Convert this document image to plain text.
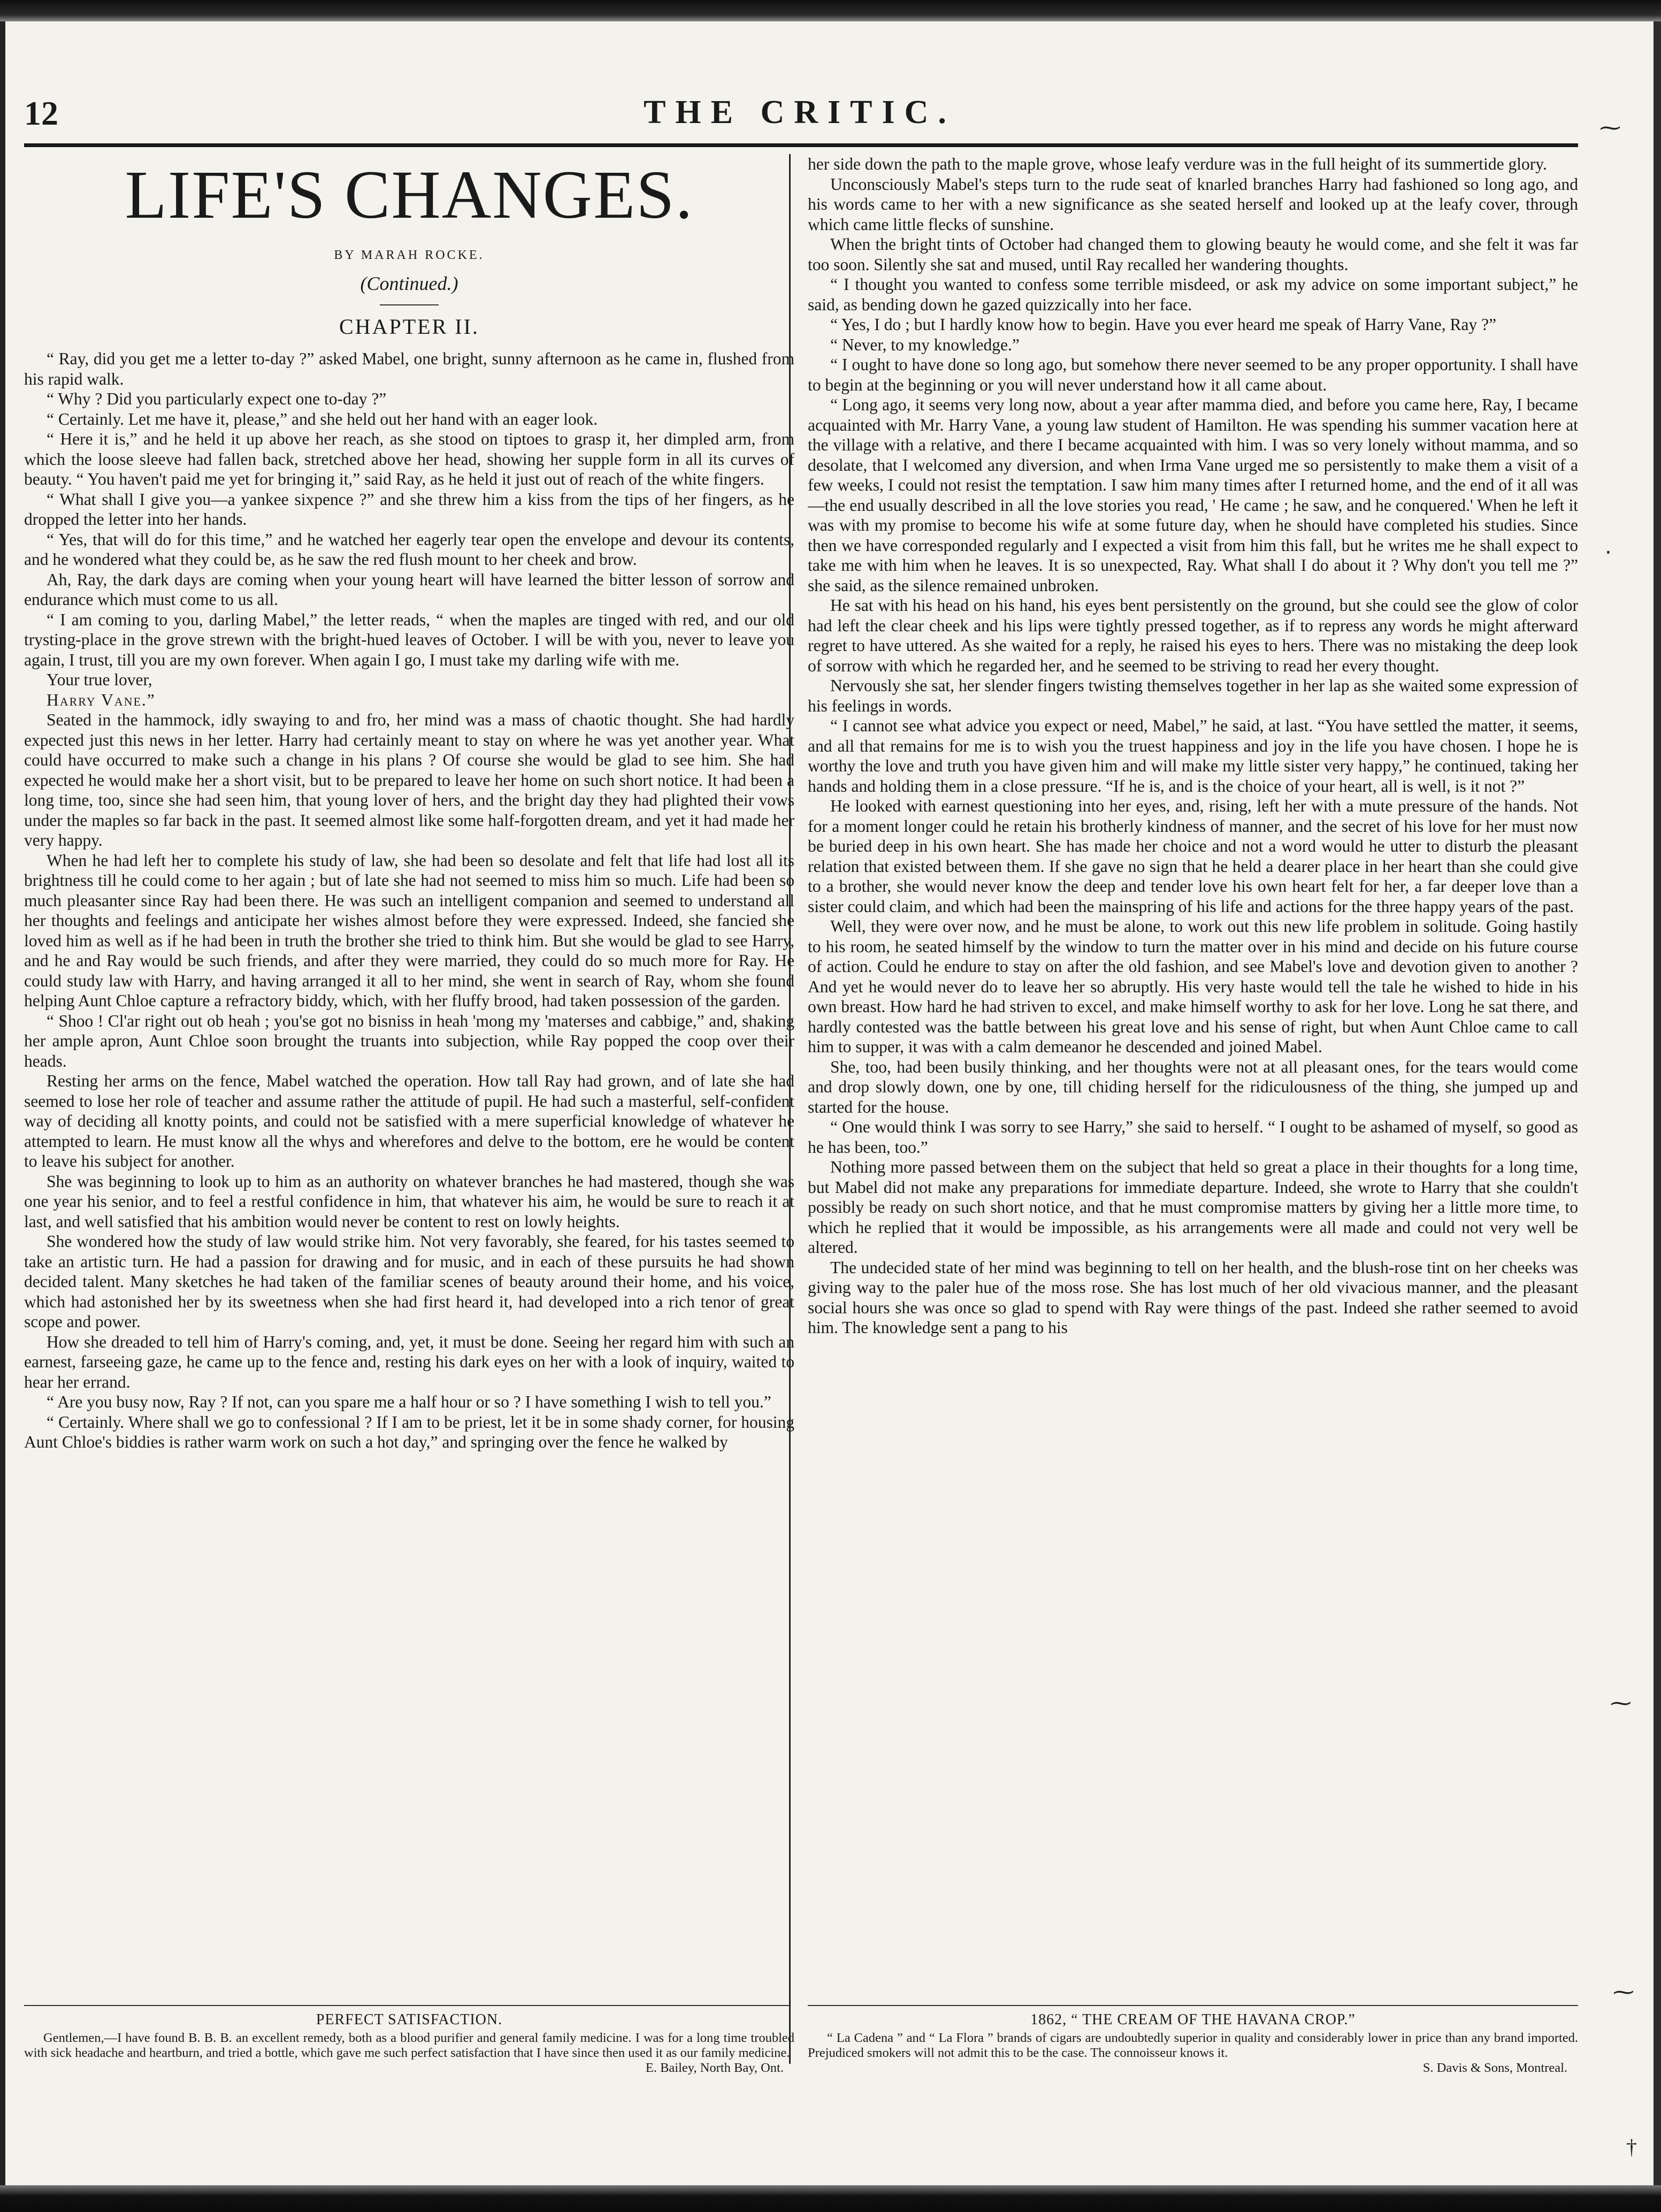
THE CRITIC.
12
LIFE'S CHANGES.
BY MARAH ROCKE.
(Continued.)
CHAPTER II.

“ Ray, did you get me a letter to-day ?” asked Mabel, one bright, sunny afternoon as he came in, flushed from his rapid walk.

“ Why ? Did you particularly expect one to-day ?”

“ Certainly. Let me have it, please,” and she held out her hand with an eager look.

“ Here it is,” and he held it up above her reach, as she stood on tiptoes to grasp it, her dimpled arm, from which the loose sleeve had fallen back, stretched above her head, showing her supple form in all its curves of beauty. “ You haven't paid me yet for bringing it,” said Ray, as he held it just out of reach of the white fingers.

“ What shall I give you—a yankee sixpence ?” and she threw him a kiss from the tips of her fingers, as he dropped the letter into her hands.

“ Yes, that will do for this time,” and he watched her eagerly tear open the envelope and devour its contents, and he wondered what they could be, as he saw the red flush mount to her cheek and brow.

Ah, Ray, the dark days are coming when your young heart will have learned the bitter lesson of sorrow and endurance which must come to us all.

“ I am coming to you, darling Mabel,” the letter reads, “ when the maples are tinged with red, and our old trysting-place in the grove strewn with the bright-hued leaves of October. I will be with you, never to leave you again, I trust, till you are my own forever. When again I go, I must take my darling wife with me.

Your true lover,

Harry Vane.”

Seated in the hammock, idly swaying to and fro, her mind was a mass of chaotic thought. She had hardly expected just this news in her letter. Harry had certainly meant to stay on where he was yet another year. What could have occurred to make such a change in his plans ? Of course she would be glad to see him. She had expected he would make her a short visit, but to be prepared to leave her home on such short notice. It had been a long time, too, since she had seen him, that young lover of hers, and the bright day they had plighted their vows under the maples so far back in the past. It seemed almost like some half-forgotten dream, and yet it had made her very happy.

When he had left her to complete his study of law, she had been so desolate and felt that life had lost all its brightness till he could come to her again ; but of late she had not seemed to miss him so much. Life had been so much pleasanter since Ray had been there. He was such an intelligent companion and seemed to understand all her thoughts and feelings and anticipate her wishes almost before they were expressed. Indeed, she fancied she loved him as well as if he had been in truth the brother she tried to think him. But she would be glad to see Harry, and he and Ray would be such friends, and after they were married, they could do so much more for Ray. He could study law with Harry, and having arranged it all to her mind, she went in search of Ray, whom she found helping Aunt Chloe capture a refractory biddy, which, with her fluffy brood, had taken possession of the garden.

“ Shoo ! Cl'ar right out ob heah ; you'se got no bisniss in heah 'mong my 'materses and cabbige,” and, shaking her ample apron, Aunt Chloe soon brought the truants into subjection, while Ray popped the coop over their heads.

Resting her arms on the fence, Mabel watched the operation. How tall Ray had grown, and of late she had seemed to lose her role of teacher and assume rather the attitude of pupil. He had such a masterful, self-confident way of deciding all knotty points, and could not be satisfied with a mere superficial knowledge of whatever he attempted to learn. He must know all the whys and wherefores and delve to the bottom, ere he would be content to leave his subject for another.

She was beginning to look up to him as an authority on whatever branches he had mastered, though she was one year his senior, and to feel a restful confidence in him, that whatever his aim, he would be sure to reach it at last, and well satisfied that his ambition would never be content to rest on lowly heights.

She wondered how the study of law would strike him. Not very favorably, she feared, for his tastes seemed to take an artistic turn. He had a passion for drawing and for music, and in each of these pursuits he had shown decided talent. Many sketches he had taken of the familiar scenes of beauty around their home, and his voice, which had astonished her by its sweetness when she had first heard it, had developed into a rich tenor of great scope and power.

How she dreaded to tell him of Harry's coming, and, yet, it must be done. Seeing her regard him with such an earnest, farseeing gaze, he came up to the fence and, resting his dark eyes on her with a look of inquiry, waited to hear her errand.

“ Are you busy now, Ray ? If not, can you spare me a half hour or so ? I have something I wish to tell you.”

“ Certainly. Where shall we go to confessional ? If I am to be priest, let it be in some shady corner, for housing Aunt Chloe's biddies is rather warm work on such a hot day,” and springing over the fence he walked by

her side down the path to the maple grove, whose leafy verdure was in the full height of its summertide glory.

Unconsciously Mabel's steps turn to the rude seat of knarled branches Harry had fashioned so long ago, and his words came to her with a new significance as she seated herself and looked up at the leafy cover, through which came little flecks of sunshine.

When the bright tints of October had changed them to glowing beauty he would come, and she felt it was far too soon. Silently she sat and mused, until Ray recalled her wandering thoughts.

“ I thought you wanted to confess some terrible misdeed, or ask my advice on some important subject,” he said, as bending down he gazed quizzically into her face.

“ Yes, I do ; but I hardly know how to begin. Have you ever heard me speak of Harry Vane, Ray ?”

“ Never, to my knowledge.”

“ I ought to have done so long ago, but somehow there never seemed to be any proper opportunity. I shall have to begin at the beginning or you will never understand how it all came about.

“ Long ago, it seems very long now, about a year after mamma died, and before you came here, Ray, I became acquainted with Mr. Harry Vane, a young law student of Hamilton. He was spending his summer vacation here at the village with a relative, and there I became acquainted with him. I was so very lonely without mamma, and so desolate, that I welcomed any diversion, and when Irma Vane urged me so persistently to make them a visit of a few weeks, I could not resist the temptation. I saw him many times after I returned home, and the end of it all was—the end usually described in all the love stories you read, ' He came ; he saw, and he conquered.' When he left it was with my promise to become his wife at some future day, when he should have completed his studies. Since then we have corresponded regularly and I expected a visit from him this fall, but he writes me he shall expect to take me with him when he leaves. It is so unexpected, Ray. What shall I do about it ? Why don't you tell me ?” she said, as the silence remained unbroken.

He sat with his head on his hand, his eyes bent persistently on the ground, but she could see the glow of color had left the clear cheek and his lips were tightly pressed together, as if to repress any words he might afterward regret to have uttered. As she waited for a reply, he raised his eyes to hers. There was no mistaking the deep look of sorrow with which he regarded her, and he seemed to be striving to read her every thought.

Nervously she sat, her slender fingers twisting themselves together in her lap as she waited some expression of his feelings in words.

“ I cannot see what advice you expect or need, Mabel,” he said, at last. “You have settled the matter, it seems, and all that remains for me is to wish you the truest happiness and joy in the life you have chosen. I hope he is worthy the love and truth you have given him and will make my little sister very happy,” he continued, taking her hands and holding them in a close pressure. “If he is, and is the choice of your heart, all is well, is it not ?”

He looked with earnest questioning into her eyes, and, rising, left her with a mute pressure of the hands. Not for a moment longer could he retain his brotherly kindness of manner, and the secret of his love for her must now be buried deep in his own heart. She has made her choice and not a word would he utter to disturb the pleasant relation that existed between them. If she gave no sign that he held a dearer place in her heart than she could give to a brother, she would never know the deep and tender love his own heart felt for her, a far deeper love than a sister could claim, and which had been the mainspring of his life and actions for the three happy years of the past.

Well, they were over now, and he must be alone, to work out this new life problem in solitude. Going hastily to his room, he seated himself by the window to turn the matter over in his mind and decide on his future course of action. Could he endure to stay on after the old fashion, and see Mabel's love and devotion given to another ? And yet he would never do to leave her so abruptly. His very haste would tell the tale he wished to hide in his own breast. How hard he had striven to excel, and make himself worthy to ask for her love. Long he sat there, and hardly contested was the battle between his great love and his sense of right, but when Aunt Chloe came to call him to supper, it was with a calm demeanor he descended and joined Mabel.

She, too, had been busily thinking, and her thoughts were not at all pleasant ones, for the tears would come and drop slowly down, one by one, till chiding herself for the ridiculousness of the thing, she jumped up and started for the house.

“ One would think I was sorry to see Harry,” she said to herself. “ I ought to be ashamed of myself, so good as he has been, too.”

Nothing more passed between them on the subject that held so great a place in their thoughts for a long time, but Mabel did not make any preparations for immediate departure. Indeed, she wrote to Harry that she couldn't possibly be ready on such short notice, and that he must compromise matters by giving her a little more time, to which he replied that it would be impossible, as his arrangements were all made and could not very well be altered.

The undecided state of her mind was beginning to tell on her health, and the blush-rose tint on her cheeks was giving way to the paler hue of the moss rose. She has lost much of her old vivacious manner, and the pleasant social hours she was once so glad to spend with Ray were things of the past. Indeed she rather seemed to avoid him. The knowledge sent a pang to his

PERFECT SATISFACTION.
Gentlemen,—I have found B. B. B. an excellent remedy, both as a blood purifier and general family medicine. I was for a long time troubled with sick headache and heartburn, and tried a bottle, which gave me such perfect satisfaction that I have since then used it as our family medicine.
E. Bailey, North Bay, Ont.
1862, “ THE CREAM OF THE HAVANA CROP.”
“ La Cadena ” and “ La Flora ” brands of cigars are undoubtedly superior in quality and considerably lower in price than any brand imported. Prejudiced smokers will not admit this to be the case. The connoisseur knows it.
S. Davis & Sons, Montreal.
⁓
‧
⁓
⁓
†
